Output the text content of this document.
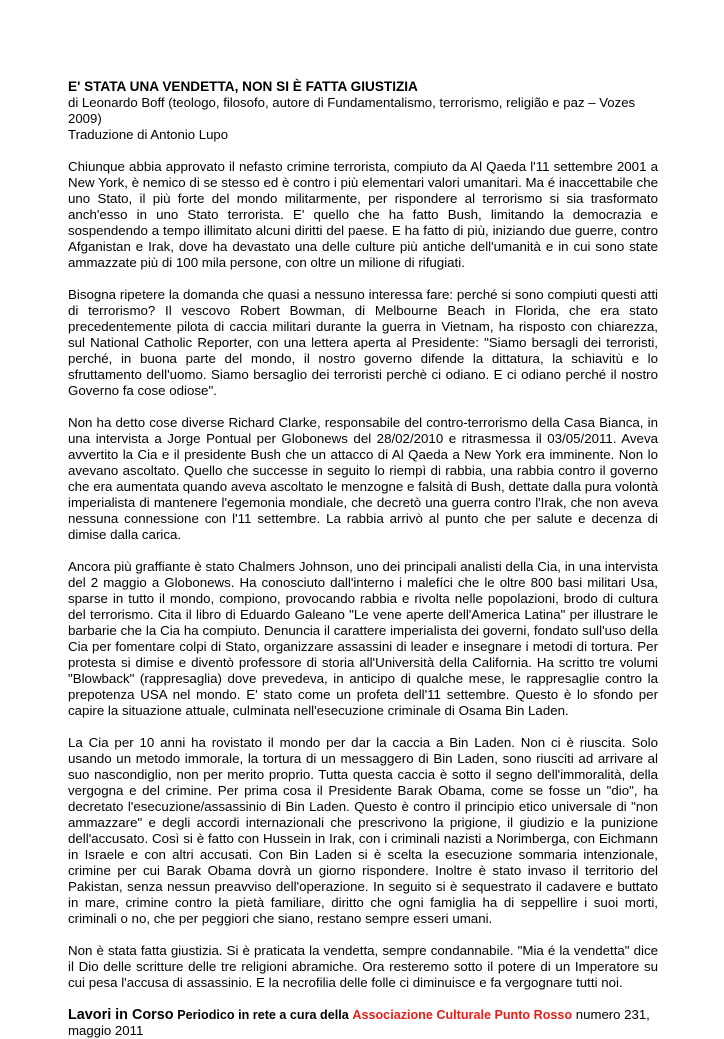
E' STATA UNA VENDETTA, NON SI È FATTA GIUSTIZIA

di Leonardo Boff (teologo, filosofo, autore di Fundamentalismo, terrorismo, religião e paz – Vozes 2009)

Traduzione di Antonio Lupo

Chiunque abbia approvato il nefasto crimine terrorista, compiuto da Al Qaeda l'11 settembre 2001 a New York, è nemico di se stesso ed è contro i più elementari valori umanitari. Ma é inaccettabile che uno Stato, il più forte del mondo militarmente, per rispondere al terrorismo si sia trasformato anch'esso in uno Stato terrorista. E' quello che ha fatto Bush, limitando la democrazia e sospendendo a tempo illimitato alcuni diritti del paese. E ha fatto di più, iniziando due guerre, contro Afganistan e Irak, dove ha devastato una delle culture più antiche dell'umanità e in cui sono state ammazzate più di 100 mila persone, con oltre un milione di rifugiati.

Bisogna ripetere la domanda che quasi a nessuno interessa fare: perché si sono compiuti questi atti di terrorismo? Il vescovo Robert Bowman, di Melbourne Beach in Florida, che era stato precedentemente pilota di caccia militari durante la guerra in Vietnam, ha risposto con chiarezza, sul National Catholic Reporter, con una lettera aperta al Presidente: "Siamo bersagli dei terroristi, perché, in buona parte del mondo, il nostro governo difende la dittatura, la schiavitù e lo sfruttamento dell'uomo. Siamo bersaglio dei terroristi perchè ci odiano. E ci odiano perché il nostro Governo fa cose odiose".

Non ha detto cose diverse Richard Clarke, responsabile del contro-terrorismo della Casa Bianca, in una intervista a Jorge Pontual per Globonews del 28/02/2010 e ritrasmessa il 03/05/2011. Aveva avvertito la Cia e il presidente Bush che un attacco di Al Qaeda a New York era imminente. Non lo avevano ascoltato. Quello che successe in seguito lo riempì di rabbia, una rabbia contro il governo che era aumentata quando aveva ascoltato le menzogne e falsità di Bush, dettate dalla pura volontà imperialista di mantenere l'egemonia mondiale, che decretò una guerra contro l'Irak, che non aveva nessuna connessione con l'11 settembre. La rabbia arrivò al punto che per salute e decenza di dimise dalla carica.

Ancora più graffiante è stato Chalmers Johnson, uno dei principali analisti della Cia, in una intervista del 2 maggio a Globonews. Ha conosciuto dall'interno i malefíci che le oltre 800 basi militari Usa, sparse in tutto il mondo, compiono, provocando rabbia e rivolta nelle popolazioni, brodo di cultura del terrorismo. Cita il libro di Eduardo Galeano "Le vene aperte dell'America Latina" per illustrare le barbarie che la Cia ha compiuto. Denuncia il carattere imperialista dei governi, fondato sull'uso della Cia per fomentare colpi di Stato, organizzare assassini di leader e insegnare i metodi di tortura. Per protesta si dimise e diventò professore di storia all'Università della California. Ha scritto tre volumi "Blowback" (rappresaglia) dove prevedeva, in anticipo di qualche mese, le rappresaglie contro la prepotenza USA nel mondo. E' stato come un profeta dell'11 settembre. Questo è lo sfondo per capire la situazione attuale, culminata nell'esecuzione criminale di Osama Bin Laden.

La Cia per 10 anni ha rovistato il mondo per dar la caccia a Bin Laden. Non ci è riuscita. Solo usando un metodo immorale, la tortura di un messaggero di Bin Laden, sono riusciti ad arrivare al suo nascondiglio, non per merito proprio. Tutta questa caccia è sotto il segno dell'immoralità, della vergogna e del crimine. Per prima cosa il Presidente Barak Obama, come se fosse un "dio", ha decretato l'esecuzione/assassinio di Bin Laden. Questo è contro il principio etico universale di "non ammazzare" e degli accordi internazionali che prescrivono la prigione, il giudizio e la punizione dell'accusato. Così si è fatto con Hussein in Irak, con i criminali nazisti a Norimberga, con Eichmann in Israele e con altri accusati. Con Bin Laden si è scelta la esecuzione sommaria intenzionale, crimine per cui Barak Obama dovrà un giorno rispondere. Inoltre è stato invaso il territorio del Pakistan, senza nessun preavviso dell'operazione. In seguito si è sequestrato il cadavere e buttato in mare, crimine contro la pietà familiare, diritto che ogni famiglia ha di seppellire i suoi morti, criminali o no, che per peggiori che siano, restano sempre esseri umani.

Non è stata fatta giustizia. Si è praticata la vendetta, sempre condannabile. "Mia é la vendetta" dice il Dio delle scritture delle tre religioni abramiche. Ora resteremo sotto il potere di un Imperatore su cui pesa l'accusa di assassinio. E la necrofilia delle folle ci diminuisce e fa vergognare tutti noi.

Lavori in Corso Periodico in rete a cura della Associazione Culturale Punto Rosso numero 231, maggio 2011
